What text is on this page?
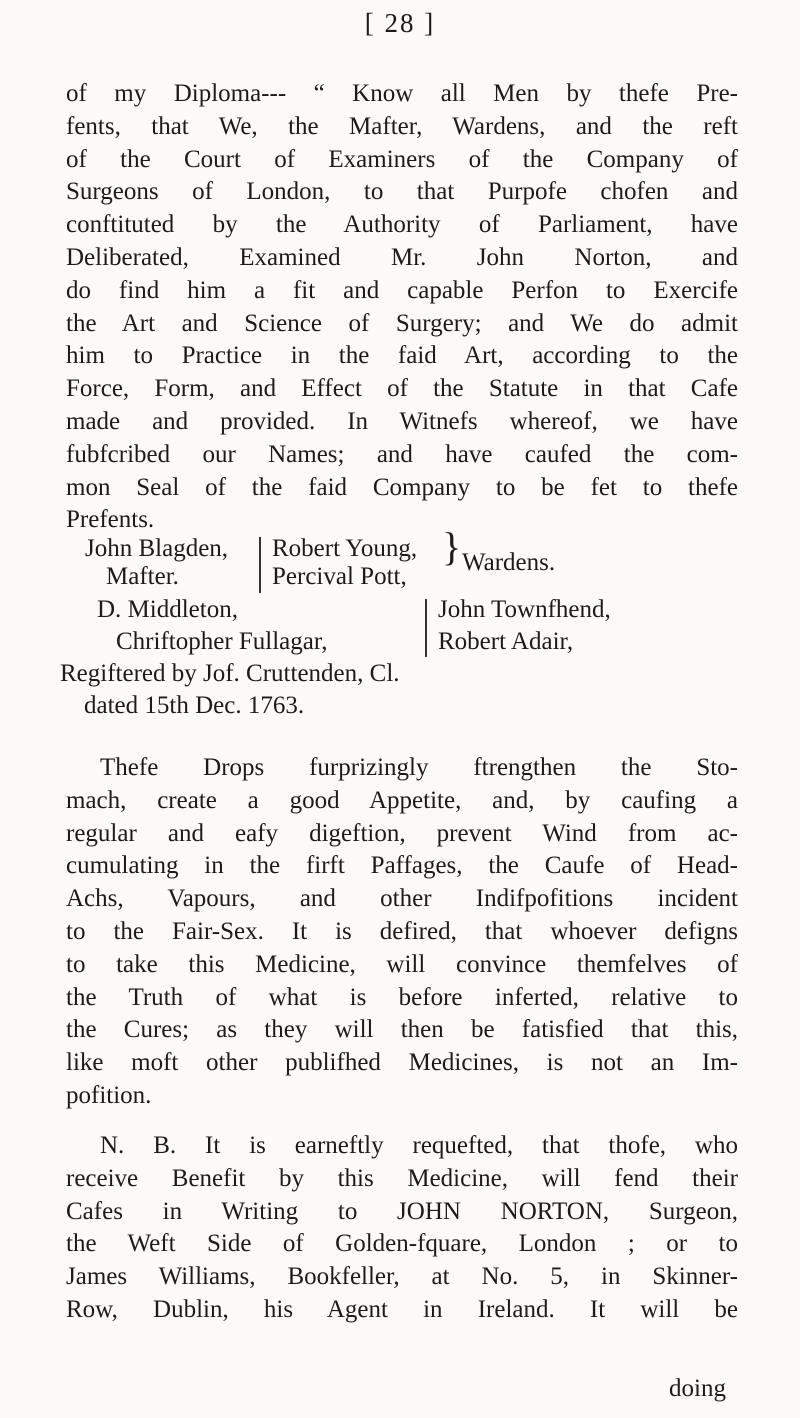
[ 28 ]
of my Diploma--- “ Know all Men by thefe Pre-
fents, that We, the Mafter, Wardens, and the reft
of the Court of Examiners of the Company of
Surgeons of London, to that Purpofe chofen and
conftituted by the Authority of Parliament, have
Deliberated, Examined Mr. John Norton, and
do find him a fit and capable Perfon to Exercife
the Art and Science of Surgery; and We do admit
him to Practice in the faid Art, according to the
Force, Form, and Effect of the Statute in that Cafe
made and provided. In Witnefs whereof, we have
fubfcribed our Names; and have caufed the com-
mon Seal of the faid Company to be fet to thefe
Prefents.
John Blagden,
Mafter.
Robert Young,
Percival Pott,
} Wardens.
D. Middleton,
Chriftopher Fullagar,
John Townfhend,
Robert Adair,
Regiftered by Jof. Cruttenden, Cl.
dated 15th Dec. 1763.
Thefe Drops furprizingly ftrengthen the Sto-
mach, create a good Appetite, and, by caufing a
regular and eafy digeftion, prevent Wind from ac-
cumulating in the firft Paffages, the Caufe of Head-
Achs, Vapours, and other Indifpofitions incident
to the Fair-Sex. It is defired, that whoever defigns
to take this Medicine, will convince themfelves of
the Truth of what is before inferted, relative to
the Cures; as they will then be fatisfied that this,
like moft other publifhed Medicines, is not an Im-
pofition.
N. B. It is earneftly requefted, that thofe, who
receive Benefit by this Medicine, will fend their
Cafes in Writing to JOHN NORTON, Surgeon,
the Weft Side of Golden-fquare, London ; or to
James Williams, Bookfeller, at No. 5, in Skinner-
Row, Dublin, his Agent in Ireland. It will be
doing
